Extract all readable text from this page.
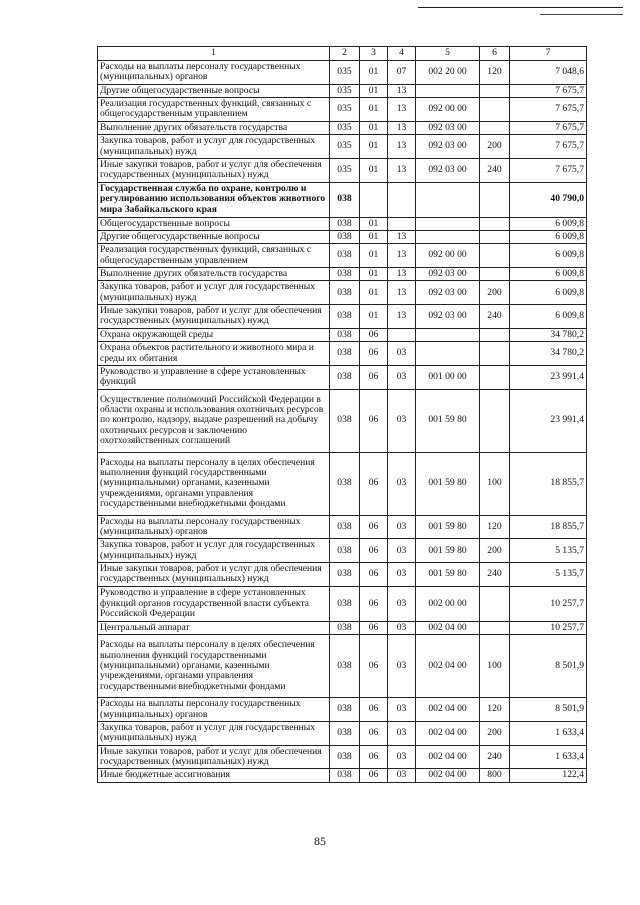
1	2	3	4	5	6	7
Расходы на выплаты персоналу государственных (муниципальных) органов	035	01	07	002 20 00	120	7 048,6
Другие общегосударственные вопросы	035	01	13			7 675,7
Реализация государственных функций, связанных с общегосударственным управлением	035	01	13	092 00 00		7 675,7
Выполнение других обязательств государства	035	01	13	092 03 00		7 675,7
Закупка товаров, работ и услуг для государственных (муниципальных) нужд	035	01	13	092 03 00	200	7 675,7
Иные закупки товаров, работ и услуг для обеспечения государственных (муниципальных) нужд	035	01	13	092 03 00	240	7 675,7
Государственная служба по охране, контролю и регулированию использования объектов животного мира Забайкальского края	038					40 790,0
Общегосударственные вопросы	038	01				6 009,8
Другие общегосударственные вопросы	038	01	13			6 009,8
Реализация государственных функций, связанных с общегосударственным управлением	038	01	13	092 00 00		6 009,8
Выполнение других обязательств государства	038	01	13	092 03 00		6 009,8
Закупка товаров, работ и услуг для государственных (муниципальных) нужд	038	01	13	092 03 00	200	6 009,8
Иные закупки товаров, работ и услуг для обеспечения государственных (муниципальных) нужд	038	01	13	092 03 00	240	6 009,8
Охрана окружающей среды	038	06				34 780,2
Охрана объектов растительного и животного мира и среды их обитания	038	06	03			34 780,2
Руководство и управление в сфере установленных функций	038	06	03	001 00 00		23 991,4
Осуществление полномочий Российской Федерации в области охраны и использования охотничьих ресурсов по контролю, надзору, выдаче разрешений на добычу охотничьих ресурсов и заключению охотхозяйственных соглашений	038	06	03	001 59 80		23 991,4
Расходы на выплаты персоналу в целях обеспечения выполнения функций государственными (муниципальными) органами, казенными учреждениями, органами управления государственными внебюджетными фондами	038	06	03	001 59 80	100	18 855,7
Расходы на выплаты персоналу государственных (муниципальных) органов	038	06	03	001 59 80	120	18 855,7
Закупка товаров, работ и услуг для государственных (муниципальных) нужд	038	06	03	001 59 80	200	5 135,7
Иные закупки товаров, работ и услуг для обеспечения государственных (муниципальных) нужд	038	06	03	001 59 80	240	5 135,7
Руководство и управление в сфере установленных функций органов государственной власти субъекта Российской Федерации	038	06	03	002 00 00		10 257,7
Центральный аппарат	038	06	03	002 04 00		10 257,7
Расходы на выплаты персоналу в целях обеспечения выполнения функций государственными (муниципальными) органами, казенными учреждениями, органами управления государственными внебюджетными фондами	038	06	03	002 04 00	100	8 501,9
Расходы на выплаты персоналу государственных (муниципальных) органов	038	06	03	002 04 00	120	8 501,9
Закупка товаров, работ и услуг для государственных (муниципальных) нужд	038	06	03	002 04 00	200	1 633,4
Иные закупки товаров, работ и услуг для обеспечения государственных (муниципальных) нужд	038	06	03	002 04 00	240	1 633,4
Иные бюджетные ассигнования	038	06	03	002 04 00	800	122,4
85
